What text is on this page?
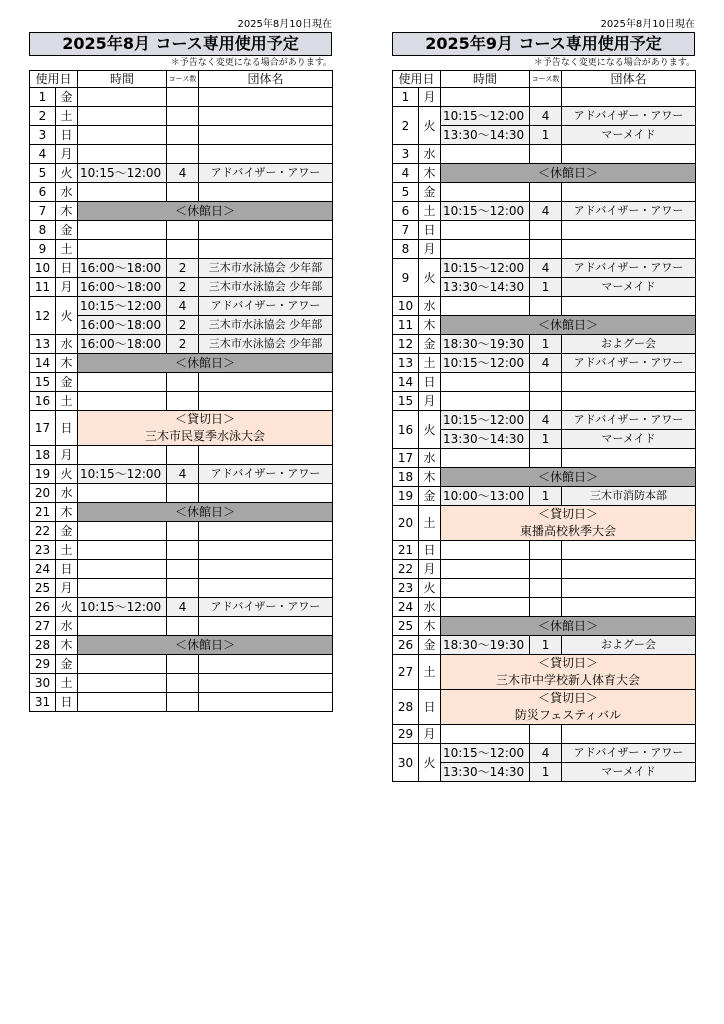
2025年8月10日現在
2025年8月 コース専用使用予定
＊予告なく変更になる場合があります。
使用日		時間	コース数	団体名
1	金			
2	土			
3	日			
4	月			
5	火	10:15～12:00	4	アドバイザー・アワー
6	水			
7	木	＜休館日＞		
8	金			
9	土			
10	日	16:00～18:00	2	三木市水泳協会 少年部
11	月	16:00～18:00	2	三木市水泳協会 少年部
12	火	10:15～12:00	4	アドバイザー・アワー
		16:00～18:00	2	三木市水泳協会 少年部
13	水	16:00～18:00	2	三木市水泳協会 少年部
14	木	＜休館日＞		
15	金			
16	土			
17	日	＜貸切日＞
三木市民夏季水泳大会		

18	月			
19	火	10:15～12:00	4	アドバイザー・アワー
20	水			
21	木	＜休館日＞		
22	金			
23	土			
24	日			
25	月			
26	火	10:15～12:00	4	アドバイザー・アワー
27	水			
28	木	＜休館日＞		
29	金			
30	土			
31	日			
2025年8月10日現在
2025年9月 コース専用使用予定
＊予告なく変更になる場合があります。
使用日		時間	コース数	団体名
1	月			
2	火	10:15～12:00	4	アドバイザー・アワー
		13:30～14:30	1	マーメイド
3	水			
4	木	＜休館日＞		
5	金			
6	土	10:15～12:00	4	アドバイザー・アワー
7	日			
8	月			
9	火	10:15～12:00	4	アドバイザー・アワー
		13:30～14:30	1	マーメイド
10	水			
11	木	＜休館日＞		
12	金	18:30～19:30	1	およグー会
13	土	10:15～12:00	4	アドバイザー・アワー
14	日			
15	月			
16	火	10:15～12:00	4	アドバイザー・アワー
		13:30～14:30	1	マーメイド
17	水			
18	木	＜休館日＞		
19	金	10:00～13:00	1	三木市消防本部
20	土	＜貸切日＞
東播高校秋季大会		

21	日			
22	月			
23	火			
24	水			
25	木	＜休館日＞		
26	金	18:30～19:30	1	およグー会
27	土	＜貸切日＞
三木市中学校新人体育大会		

28	日	＜貸切日＞
防災フェスティバル		

29	月			
30	火	10:15～12:00	4	アドバイザー・アワー
		13:30～14:30	1	マーメイド
